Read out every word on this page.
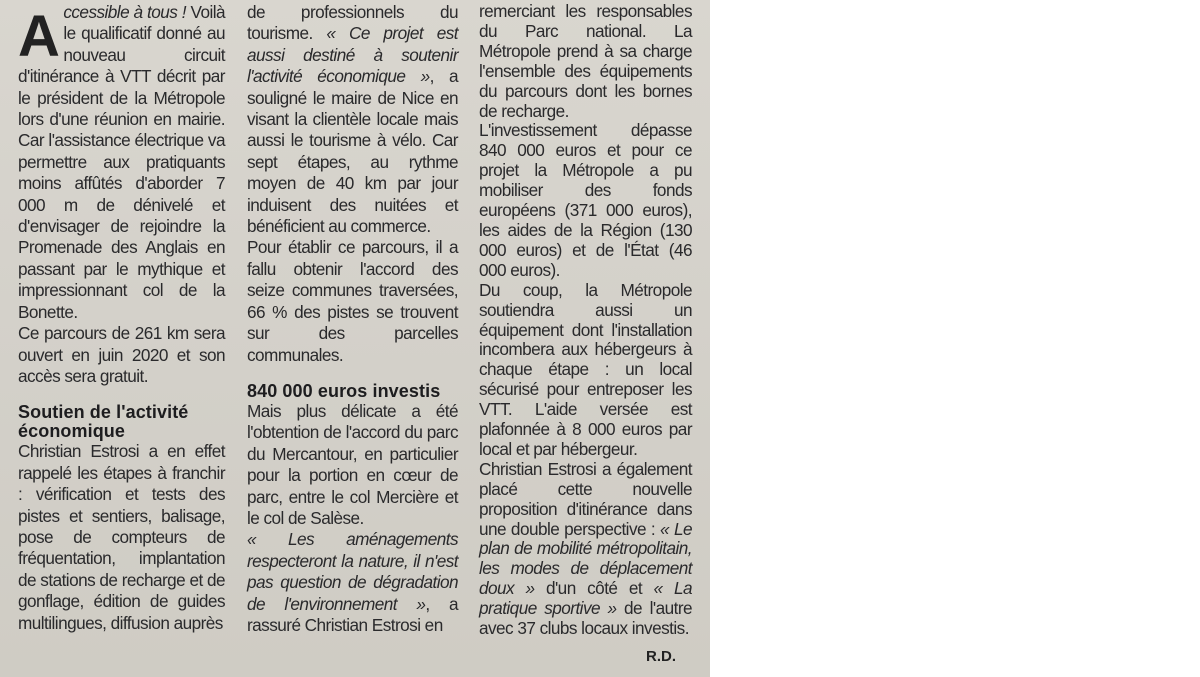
Accessible à tous ! Voilà le qualificatif donné au nouveau circuit d'itinérance à VTT décrit par le président de la Métropole lors d'une réunion en mairie. Car l'assistance électrique va permettre aux pratiquants moins affûtés d'aborder 7 000 m de dénivelé et d'envisager de rejoindre la Promenade des Anglais en passant par le mythique et impressionnant col de la Bonette.

Ce parcours de 261 km sera ouvert en juin 2020 et son accès sera gratuit.

Soutien de l'activité économique

Christian Estrosi a en effet rappelé les étapes à franchir : vérification et tests des pistes et sentiers, balisage, pose de compteurs de fréquentation, implantation de stations de recharge et de gonflage, édition de guides multilingues, diffusion auprès

de professionnels du tourisme. « Ce projet est aussi destiné à soutenir l'activité économique », a souligné le maire de Nice en visant la clientèle locale mais aussi le tourisme à vélo. Car sept étapes, au rythme moyen de 40 km par jour induisent des nuitées et bénéficient au commerce.

Pour établir ce parcours, il a fallu obtenir l'accord des seize communes traversées, 66 % des pistes se trouvent sur des parcelles communales.

840 000 euros investis

Mais plus délicate a été l'obtention de l'accord du parc du Mercantour, en particulier pour la portion en cœur de parc, entre le col Mercière et le col de Salèse.

« Les aménagements respecteront la nature, il n'est pas question de dégradation de l'environnement », a rassuré Christian Estrosi en

remerciant les responsables du Parc national. La Métropole prend à sa charge l'ensemble des équipements du parcours dont les bornes de recharge.

L'investissement dépasse 840 000 euros et pour ce projet la Métropole a pu mobiliser des fonds européens (371 000 euros), les aides de la Région (130 000 euros) et de l'État (46 000 euros).

Du coup, la Métropole soutiendra aussi un équipement dont l'installation incombera aux hébergeurs à chaque étape : un local sécurisé pour entreposer les VTT. L'aide versée est plafonnée à 8 000 euros par local et par hébergeur.

Christian Estrosi a également placé cette nouvelle proposition d'itinérance dans une double perspective : « Le plan de mobilité métropolitain, les modes de déplacement doux » d'un côté et « La pratique sportive » de l'autre avec 37 clubs locaux investis.

R.D.
